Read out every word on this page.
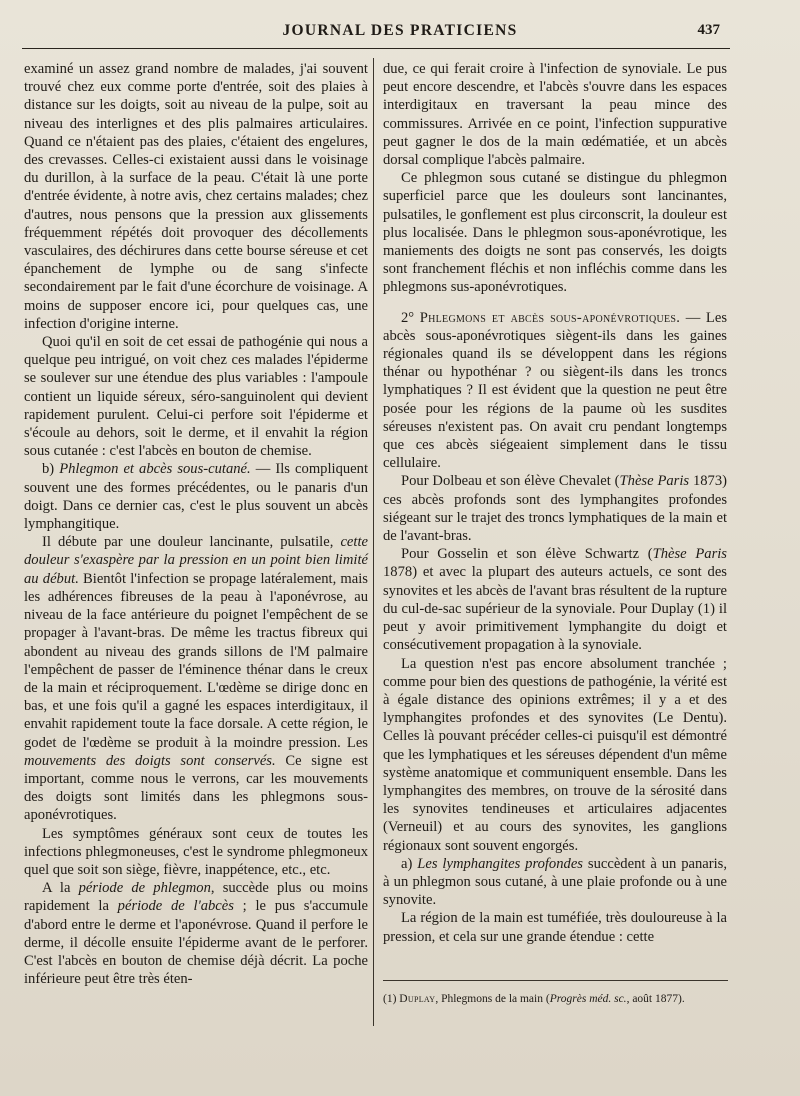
JOURNAL DES PRATICIENS	437

examiné un assez grand nombre de malades, j'ai souvent trouvé chez eux comme porte d'entrée, soit des plaies à distance sur les doigts, soit au niveau de la pulpe, soit au niveau des interlignes et des plis palmaires articulaires. Quand ce n'étaient pas des plaies, c'étaient des engelures, des crevasses. Celles-ci existaient aussi dans le voisinage du durillon, à la surface de la peau. C'était là une porte d'entrée évidente, à notre avis, chez certains malades; chez d'autres, nous pensons que la pression aux glissements fréquemment répétés doit provoquer des décollements vasculaires, des déchirures dans cette bourse séreuse et cet épanchement de lymphe ou de sang s'infecte secondairement par le fait d'une écorchure de voisinage. A moins de supposer encore ici, pour quelques cas, une infection d'origine interne.

Quoi qu'il en soit de cet essai de pathogénie qui nous a quelque peu intrigué, on voit chez ces malades l'épiderme se soulever sur une étendue des plus variables : l'ampoule contient un liquide séreux, séro-sanguinolent qui devient rapidement purulent. Celui-ci perfore soit l'épiderme et s'écoule au dehors, soit le derme, et il envahit la région sous cutanée : c'est l'abcès en bouton de chemise.

b) Phlegmon et abcès sous-cutané. — Ils compliquent souvent une des formes précédentes, ou le panaris d'un doigt. Dans ce dernier cas, c'est le plus souvent un abcès lymphangitique.

Il débute par une douleur lancinante, pulsatile, cette douleur s'exaspère par la pression en un point bien limité au début. Bientôt l'infection se propage latéralement, mais les adhérences fibreuses de la peau à l'aponévrose, au niveau de la face antérieure du poignet l'empêchent de se propager à l'avant-bras. De même les tractus fibreux qui abondent au niveau des grands sillons de l'M palmaire l'empêchent de passer de l'éminence thénar dans le creux de la main et réciproquement. L'œdème se dirige donc en bas, et une fois qu'il a gagné les espaces interdigitaux, il envahit rapidement toute la face dorsale. A cette région, le godet de l'œdème se produit à la moindre pression. Les mouvements des doigts sont conservés. Ce signe est important, comme nous le verrons, car les mouvements des doigts sont limités dans les phlegmons sous-aponévrotiques.

Les symptômes généraux sont ceux de toutes les infections phlegmoneuses, c'est le syndrome phlegmoneux quel que soit son siège, fièvre, inappétence, etc., etc.

A la période de phlegmon, succède plus ou moins rapidement la période de l'abcès ; le pus s'accumule d'abord entre le derme et l'aponévrose. Quand il perfore le derme, il décolle ensuite l'épiderme avant de le perforer. C'est l'abcès en bouton de chemise déjà décrit. La poche inférieure peut être très éten-

due, ce qui ferait croire à l'infection de synoviale. Le pus peut encore descendre, et l'abcès s'ouvre dans les espaces interdigitaux en traversant la peau mince des commissures. Arrivée en ce point, l'infection suppurative peut gagner le dos de la main œdématiée, et un abcès dorsal complique l'abcès palmaire.

Ce phlegmon sous cutané se distingue du phlegmon superficiel parce que les douleurs sont lancinantes, pulsatiles, le gonflement est plus circonscrit, la douleur est plus localisée. Dans le phlegmon sous-aponévrotique, les maniements des doigts ne sont pas conservés, les doigts sont franchement fléchis et non infléchis comme dans les phlegmons sus-aponévrotiques.

2° Phlegmons et abcès sous-aponévrotiques. — Les abcès sous-aponévrotiques siègent-ils dans les gaines régionales quand ils se développent dans les régions thénar ou hypothénar ? ou siègent-ils dans les troncs lymphatiques ? Il est évident que la question ne peut être posée pour les régions de la paume où les susdites séreuses n'existent pas. On avait cru pendant longtemps que ces abcès siégeaient simplement dans le tissu cellulaire.

Pour Dolbeau et son élève Chevalet (Thèse Paris 1873) ces abcès profonds sont des lymphangites profondes siégeant sur le trajet des troncs lymphatiques de la main et de l'avant-bras.

Pour Gosselin et son élève Schwartz (Thèse Paris 1878) et avec la plupart des auteurs actuels, ce sont des synovites et les abcès de l'avant bras résultent de la rupture du cul-de-sac supérieur de la synoviale. Pour Duplay (1) il peut y avoir primitivement lymphangite du doigt et consécutivement propagation à la synoviale.

La question n'est pas encore absolument tranchée ; comme pour bien des questions de pathogénie, la vérité est à égale distance des opinions extrêmes; il y a et des lymphangites profondes et des synovites (Le Dentu). Celles là pouvant précéder celles-ci puisqu'il est démontré que les lymphatiques et les séreuses dépendent d'un même système anatomique et communiquent ensemble. Dans les lymphangites des membres, on trouve de la sérosité dans les synovites tendineuses et articulaires adjacentes (Verneuil) et au cours des synovites, les ganglions régionaux sont souvent engorgés.

a) Les lymphangites profondes succèdent à un panaris, à un phlegmon sous cutané, à une plaie profonde ou à une synovite.

La région de la main est tuméfiée, très douloureuse à la pression, et cela sur une grande étendue : cette

(1) Duplay, Phlegmons de la main (Progrès méd. sc., août 1877).
